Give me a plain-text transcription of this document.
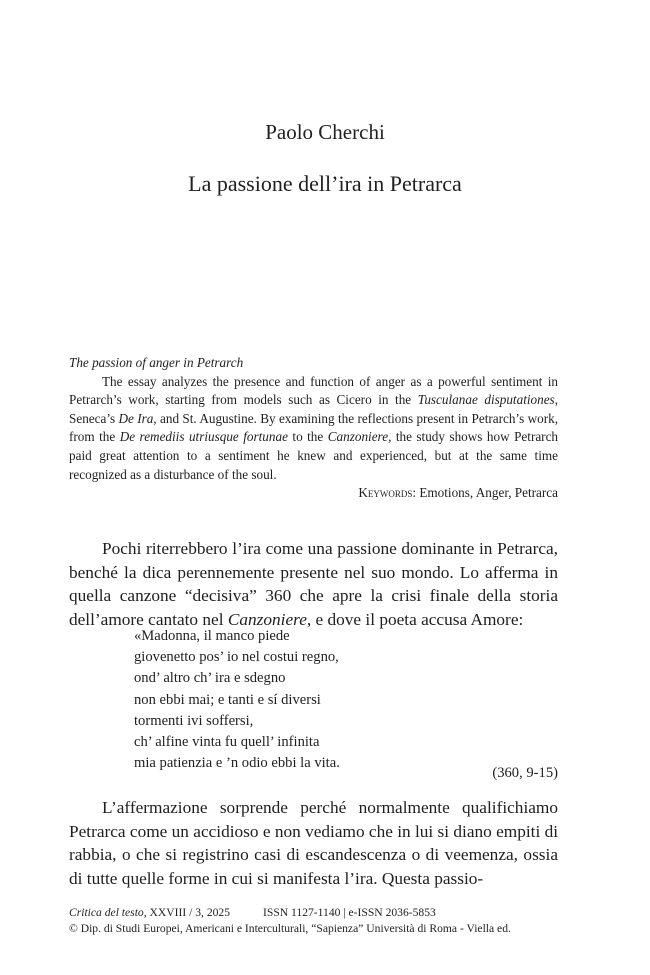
Paolo Cherchi
La passione dell’ira in Petrarca
The passion of anger in Petrarch

The essay analyzes the presence and function of anger as a powerful sentiment in Petrarch’s work, starting from models such as Cicero in the Tusculanae disputationes, Seneca’s De Ira, and St. Augustine. By examining the reflections present in Petrarch’s work, from the De remediis utriusque fortunae to the Canzoniere, the study shows how Petrarch paid great attention to a sentiment he knew and experienced, but at the same time recognized as a disturbance of the soul.

Keywords: Emotions, Anger, Petrarca

Pochi riterrebbero l’ira come una passione dominante in Petrarca, benché la dica perennemente presente nel suo mondo. Lo afferma in quella canzone “decisiva” 360 che apre la crisi finale della storia dell’amore cantato nel Canzoniere, e dove il poeta accusa Amore:

«Madonna, il manco piede
giovenetto pos’ io nel costui regno,
ond’ altro ch’ ira e sdegno
non ebbi mai; e tanti e sí diversi
tormenti ivi soffersi,
ch’ alfine vinta fu quell’ infinita
mia patienzia e ’n odio ebbi la vita.
(360, 9-15)

L’affermazione sorprende perché normalmente qualifichiamo Petrarca come un accidioso e non vediamo che in lui si diano empiti di rabbia, o che si registrino casi di escandescenza o di veemenza, ossia di tutte quelle forme in cui si manifesta l’ira. Questa passio-

Critica del testo, XXVIII / 3, 2025	ISSN 1127-1140 | e-ISSN 2036-5853
© Dip. di Studi Europei, Americani e Interculturali, “Sapienza” Università di Roma - Viella ed.
